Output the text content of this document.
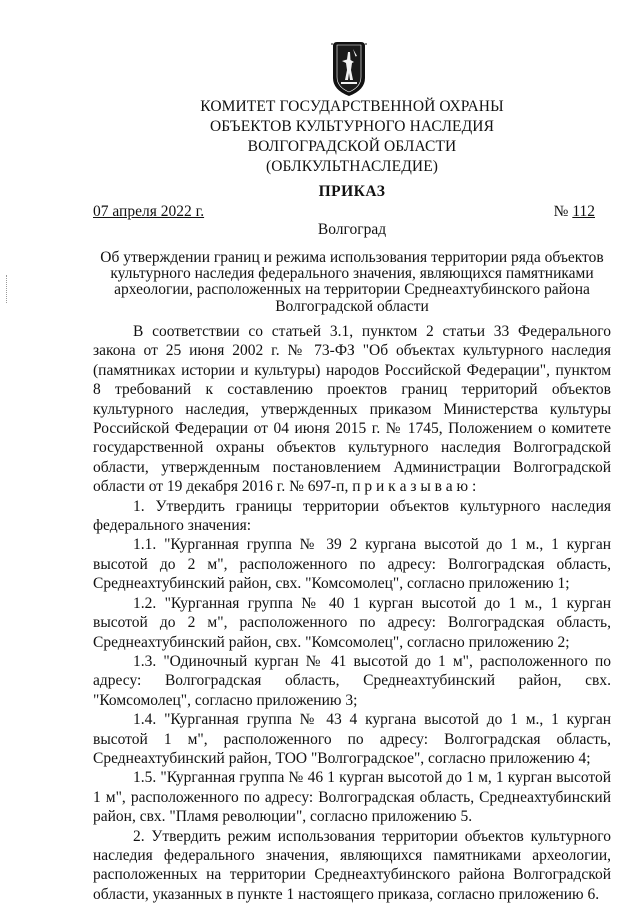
КОМИТЕТ ГОСУДАРСТВЕННОЙ ОХРАНЫ
ОБЪЕКТОВ КУЛЬТУРНОГО НАСЛЕДИЯ
ВОЛГОГРАДСКОЙ ОБЛАСТИ
(ОБЛКУЛЬТНАСЛЕДИЕ)
ПРИКАЗ
07 апреля 2022 г.	№ 112
Волгоград
Об утверждении границ и режима использования территории ряда объектов культурного наследия федерального значения, являющихся памятниками археологии, расположенных на территории Среднеахтубинского района Волгоградской области

В соответствии со статьей 3.1, пунктом 2 статьи 33 Федерального закона от 25 июня 2002 г. № 73-ФЗ "Об объектах культурного наследия (памятниках истории и культуры) народов Российской Федерации", пунктом 8 требований к составлению проектов границ территорий объектов культурного наследия, утвержденных приказом Министерства культуры Российской Федерации от 04 июня 2015 г. № 1745, Положением о комитете государственной охраны объектов культурного наследия Волгоградской области, утвержденным постановлением Администрации Волгоградской области от 19 декабря 2016 г. № 697-п, п р и к а з ы в а ю :

1. Утвердить границы территории объектов культурного наследия федерального значения:

1.1. "Курганная группа № 39 2 кургана высотой до 1 м., 1 курган высотой до 2 м", расположенного по адресу: Волгоградская область, Среднеахтубинский район, свх. "Комсомолец", согласно приложению 1;

1.2. "Курганная группа № 40 1 курган высотой до 1 м., 1 курган высотой до 2 м", расположенного по адресу: Волгоградская область, Среднеахтубинский район, свх. "Комсомолец", согласно приложению 2;

1.3. "Одиночный курган № 41 высотой до 1 м", расположенного по адресу: Волгоградская область, Среднеахтубинский район, свх. "Комсомолец", согласно приложению 3;

1.4. "Курганная группа № 43 4 кургана высотой до 1 м., 1 курган высотой 1 м", расположенного по адресу: Волгоградская область, Среднеахтубинский район, ТОО "Волгоградское", согласно приложению 4;

1.5. "Курганная группа № 46 1 курган высотой до 1 м, 1 курган высотой 1 м", расположенного по адресу: Волгоградская область, Среднеахтубинский район, свх. "Пламя революции", согласно приложению 5.

2. Утвердить режим использования территории объектов культурного наследия федерального значения, являющихся памятниками археологии, расположенных на территории Среднеахтубинского района Волгоградской области, указанных в пункте 1 настоящего приказа, согласно приложению 6.
